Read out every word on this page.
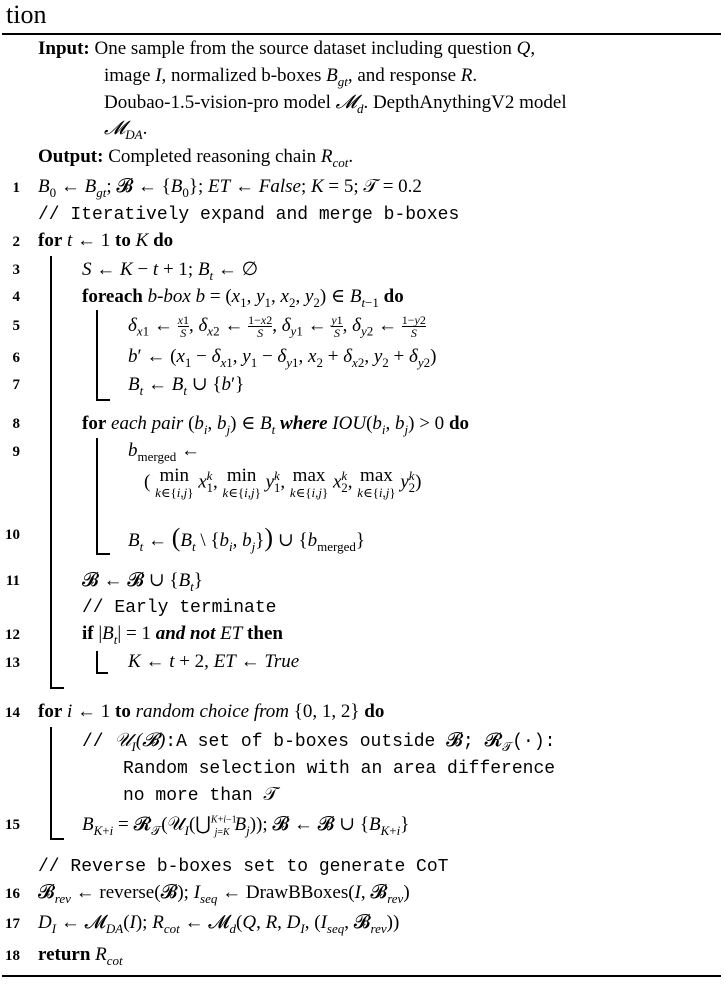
tion
Input: One sample from the source dataset including question Q,
image I, normalized b-boxes $B_{gt}$, and response R.
Doubao-1.5-vision-pro model 𝓜$_d$. DepthAnythingV2 model
𝓜$_{DA}$.
Output: Completed reasoning chain $R_{cot}$.
1 $B_0$ ← $B_{gt}$; 𝓑 ← $\{B_0\}$; ET ← False; K = 5; 𝒯 = 0.2
// Iteratively expand and merge b-boxes
2 for t ← 1 to K do
3	S ← K − t + 1; $B_t$ ← ∅
4	foreach b-box $b = (x_1$, $y_1$, $x_2$, $y_2$) ∈ $B_{t-1}$ do
5	$\delta_{x1}$ ← $\frac{x1}{S}$ , $\delta_{x2}$ ← $\frac{1-x2}{S}$ , $\delta_{y1}$ ← $\frac{y1}{S}$ , $\delta_{y2}$ ← $\frac{1-y2}{S}$
6	b′ ← ($x_1 - \delta_{x1}$, $y_1 - \delta_{y1}$, $x_2 + \delta_{x2}$, $y_2 + \delta_{y2}$)
7	$B_t$ ← $B_t$ ∪ {b′}
8	for each pair ($b_i$, $b_j$) ∈ $B_t$ where $IOU(b_i$, $b_j) > 0$ do
9	$b_{merged}$ ←
( min
k∈{i,j} $x^k_1$, min
k∈{i,j} $y^k_1$, max
k∈{i,j} $x^k_2$, max
k∈{i,j} $y^k_2$)
10	$B_t$ ← ($B_t$ \ {$b_i$, $b_j$}) ∪ $\{b_{merged}\}$
11	𝓑 ← 𝓑 ∪ $\{B_t\}$
// Early terminate
12	if $|B_t| = 1$ and not ET then
13	K ← t + 2, ET ← True
14 for i ← 1 to random choice from {0, 1, 2} do
// 𝒰$_I$(𝓑):A set of b-boxes outside 𝓑; 𝓡$_𝒯$(·):
Random selection with an area difference
no more than 𝒯
15	$B_{K+i}$ = 𝓡$_𝒯$(𝒰$_I$(⋃$^{K+i-1}_{j=K}$ $B_j$)); 𝓑 ← 𝓑 ∪ $\{B_{K+i}\}$
// Reverse b-boxes set to generate CoT
16 𝓑$_{rev}$ ← reverse(𝓑); $I_{seq}$ ← DrawBBoxes(I, 𝓑$_{rev}$)
17 $D_I$ ← 𝓜$_{DA}$(I); $R_{cot}$ ← 𝓜$_d$(Q, R, $D_I$, ($I_{seq}$, 𝓑$_{rev}$))
18 return $R_{cot}$
